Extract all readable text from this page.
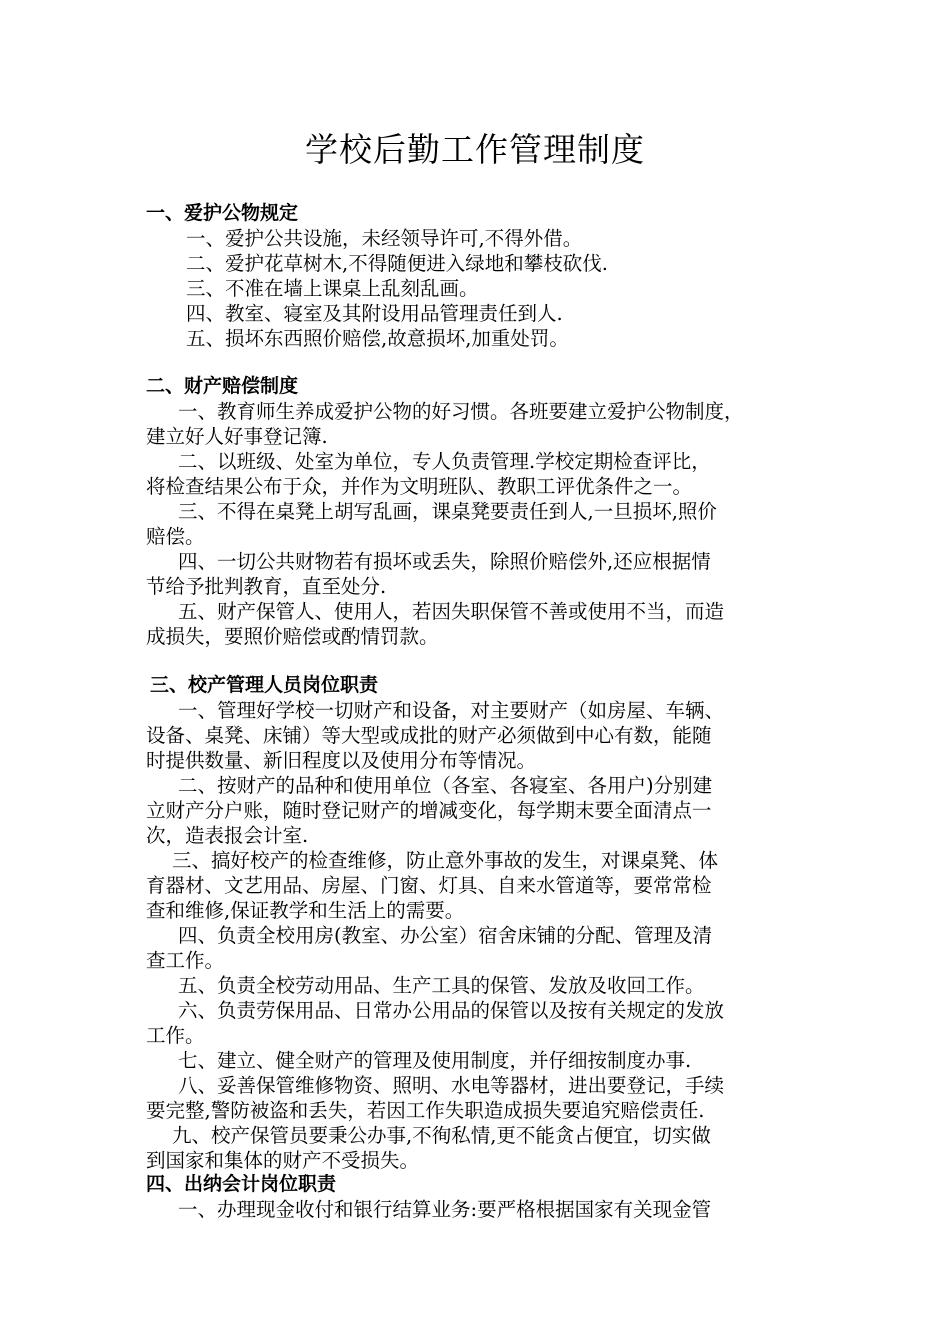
学校后勤工作管理制度
一、爱护公物规定
一、爱护公共设施，未经领导许可,不得外借。
二、爱护花草树木,不得随便进入绿地和攀枝砍伐.
三、不准在墙上课桌上乱刻乱画。
四、教室、寝室及其附设用品管理责任到人.
五、损坏东西照价赔偿,故意损坏,加重处罚。
二、财产赔偿制度
一、教育师生养成爱护公物的好习惯。各班要建立爱护公物制度，
建立好人好事登记簿.
二、以班级、处室为单位，专人负责管理.学校定期检查评比，
将检查结果公布于众，并作为文明班队、教职工评优条件之一。
三、不得在桌凳上胡写乱画，课桌凳要责任到人,一旦损坏,照价
赔偿。
四、一切公共财物若有损坏或丢失，除照价赔偿外,还应根据情
节给予批判教育，直至处分.
五、财产保管人、使用人，若因失职保管不善或使用不当，而造
成损失，要照价赔偿或酌情罚款。
三、校产管理人员岗位职责
一、管理好学校一切财产和设备，对主要财产（如房屋、车辆、
设备、桌凳、床铺）等大型或成批的财产必须做到中心有数，能随
时提供数量、新旧程度以及使用分布等情况。
二、按财产的品种和使用单位（各室、各寝室、各用户)分别建
立财产分户账，随时登记财产的增减变化，每学期末要全面清点一
次，造表报会计室.
三、搞好校产的检查维修，防止意外事故的发生，对课桌凳、体
育器材、文艺用品、房屋、门窗、灯具、自来水管道等，要常常检
查和维修,保证教学和生活上的需要。
四、负责全校用房(教室、办公室）宿舍床铺的分配、管理及清
查工作。
五、负责全校劳动用品、生产工具的保管、发放及收回工作。
六、负责劳保用品、日常办公用品的保管以及按有关规定的发放
工作。
七、建立、健全财产的管理及使用制度，并仔细按制度办事.
八、妥善保管维修物资、照明、水电等器材，进出要登记，手续
要完整,警防被盗和丢失，若因工作失职造成损失要追究赔偿责任.
九、校产保管员要秉公办事,不徇私情,更不能贪占便宜，切实做
到国家和集体的财产不受损失。
四、出纳会计岗位职责
一、办理现金收付和银行结算业务:要严格根据国家有关现金管
